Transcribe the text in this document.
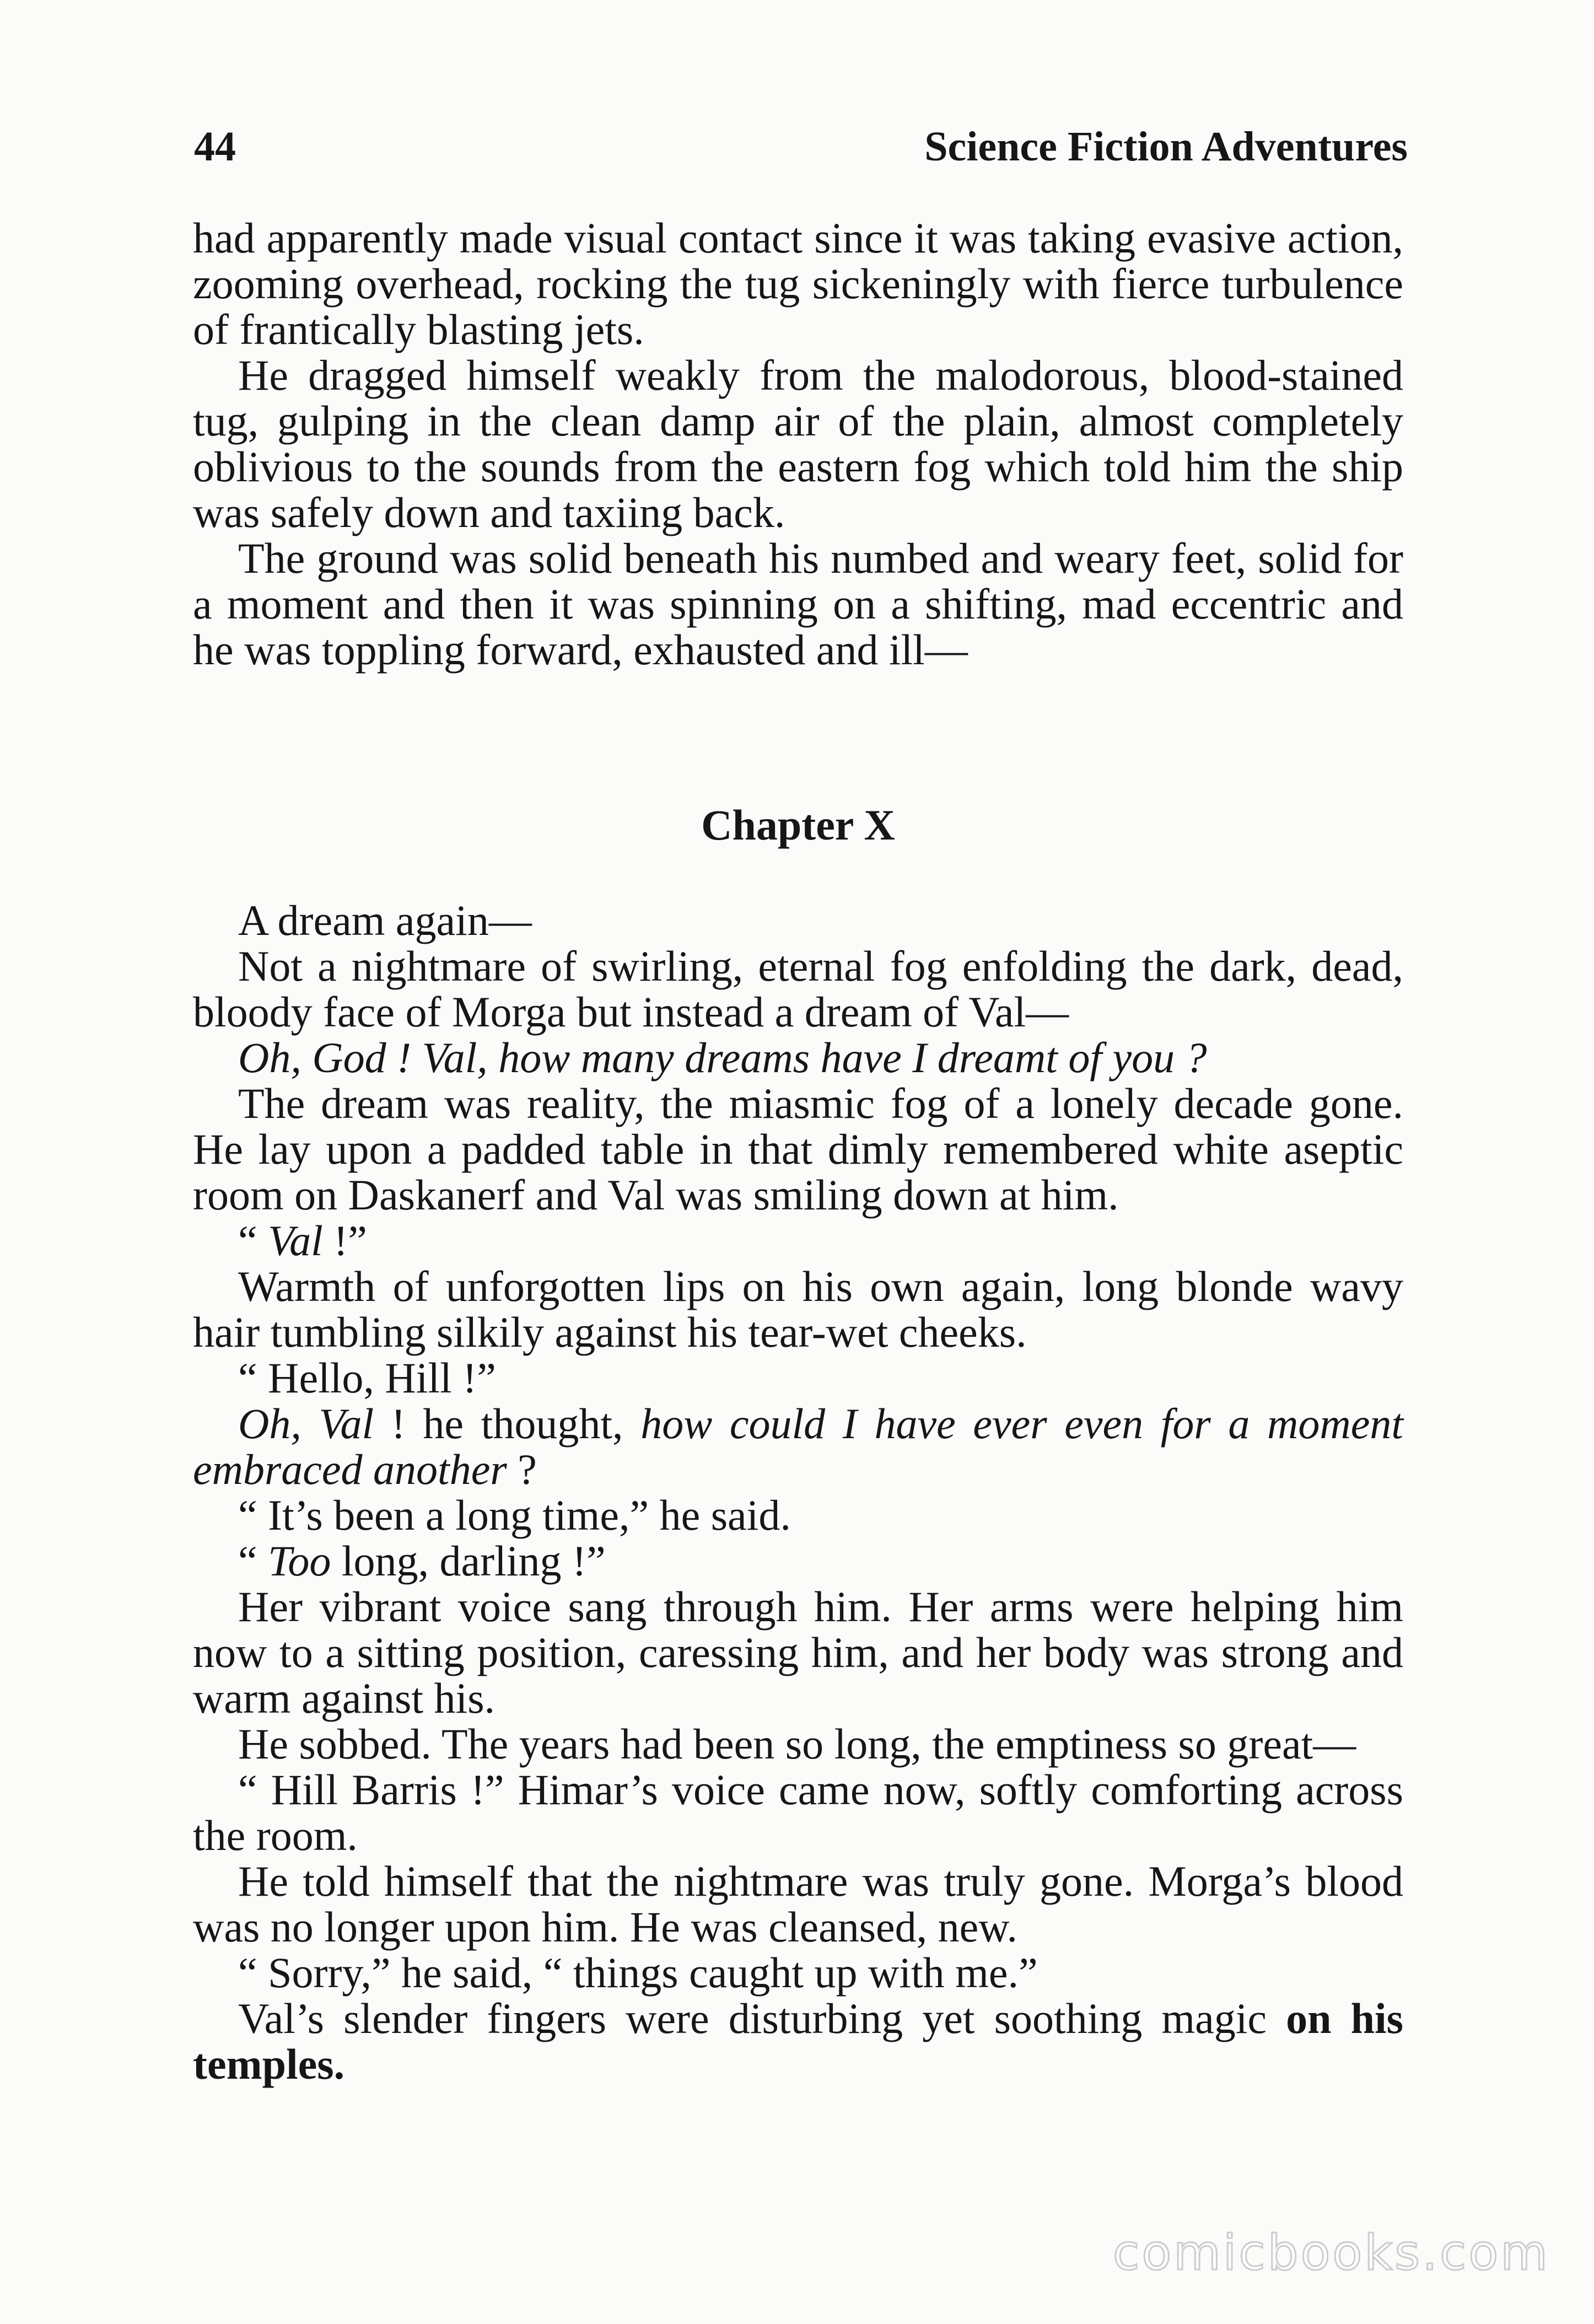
44	Science Fiction Adventures

had apparently made visual contact since it was taking evasive action, zooming overhead, rocking the tug sickeningly with fierce turbulence of frantically blasting jets.

He dragged himself weakly from the malodorous, blood-stained tug, gulping in the clean damp air of the plain, almost completely oblivious to the sounds from the eastern fog which told him the ship was safely down and taxiing back.

The ground was solid beneath his numbed and weary feet, solid for a moment and then it was spinning on a shifting, mad eccentric and he was toppling forward, exhausted and ill—

Chapter X

A dream again—

Not a nightmare of swirling, eternal fog enfolding the dark, dead, bloody face of Morga but instead a dream of Val—

Oh, God ! Val, how many dreams have I dreamt of you ?

The dream was reality, the miasmic fog of a lonely decade gone. He lay upon a padded table in that dimly remembered white aseptic room on Daskanerf and Val was smiling down at him.

“ Val !”

Warmth of unforgotten lips on his own again, long blonde wavy hair tumbling silkily against his tear-wet cheeks.

“ Hello, Hill !”

Oh, Val ! he thought, how could I have ever even for a moment embraced another ?

“ It’s been a long time,” he said.

“ Too long, darling !”

Her vibrant voice sang through him. Her arms were helping him now to a sitting position, caressing him, and her body was strong and warm against his.

He sobbed. The years had been so long, the emptiness so great—

“ Hill Barris !” Himar’s voice came now, softly comforting across the room.

He told himself that the nightmare was truly gone. Morga’s blood was no longer upon him. He was cleansed, new.

“ Sorry,” he said, “ things caught up with me.”

Val’s slender fingers were disturbing yet soothing magic on his temples.

comicbooks.com
